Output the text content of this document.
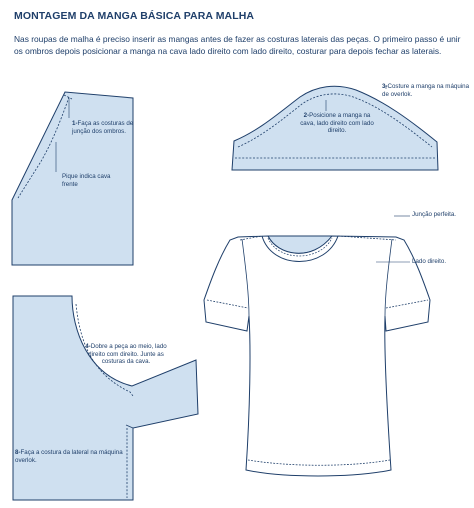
MONTAGEM DA MANGA BÁSICA PARA MALHA
Nas roupas de malha é preciso inserir as mangas antes de fazer as costuras laterais das peças. O primeiro passo é unir os ombros depois posicionar a manga na cava lado direito com lado direito, costurar para depois fechar as laterais.
1-Faça as costuras de junção dos ombros.
Pique indica cava frente
2-Posicione a manga na cava, lado direito com lado direito.
3-Costure a manga na máquina de overlok.
Junção perfeita.
Lado direito.
4-Dobre a peça ao meio, lado direito com direito. Junte as costuras da cava.
8-Faça a costura da lateral na máquina overlok.
